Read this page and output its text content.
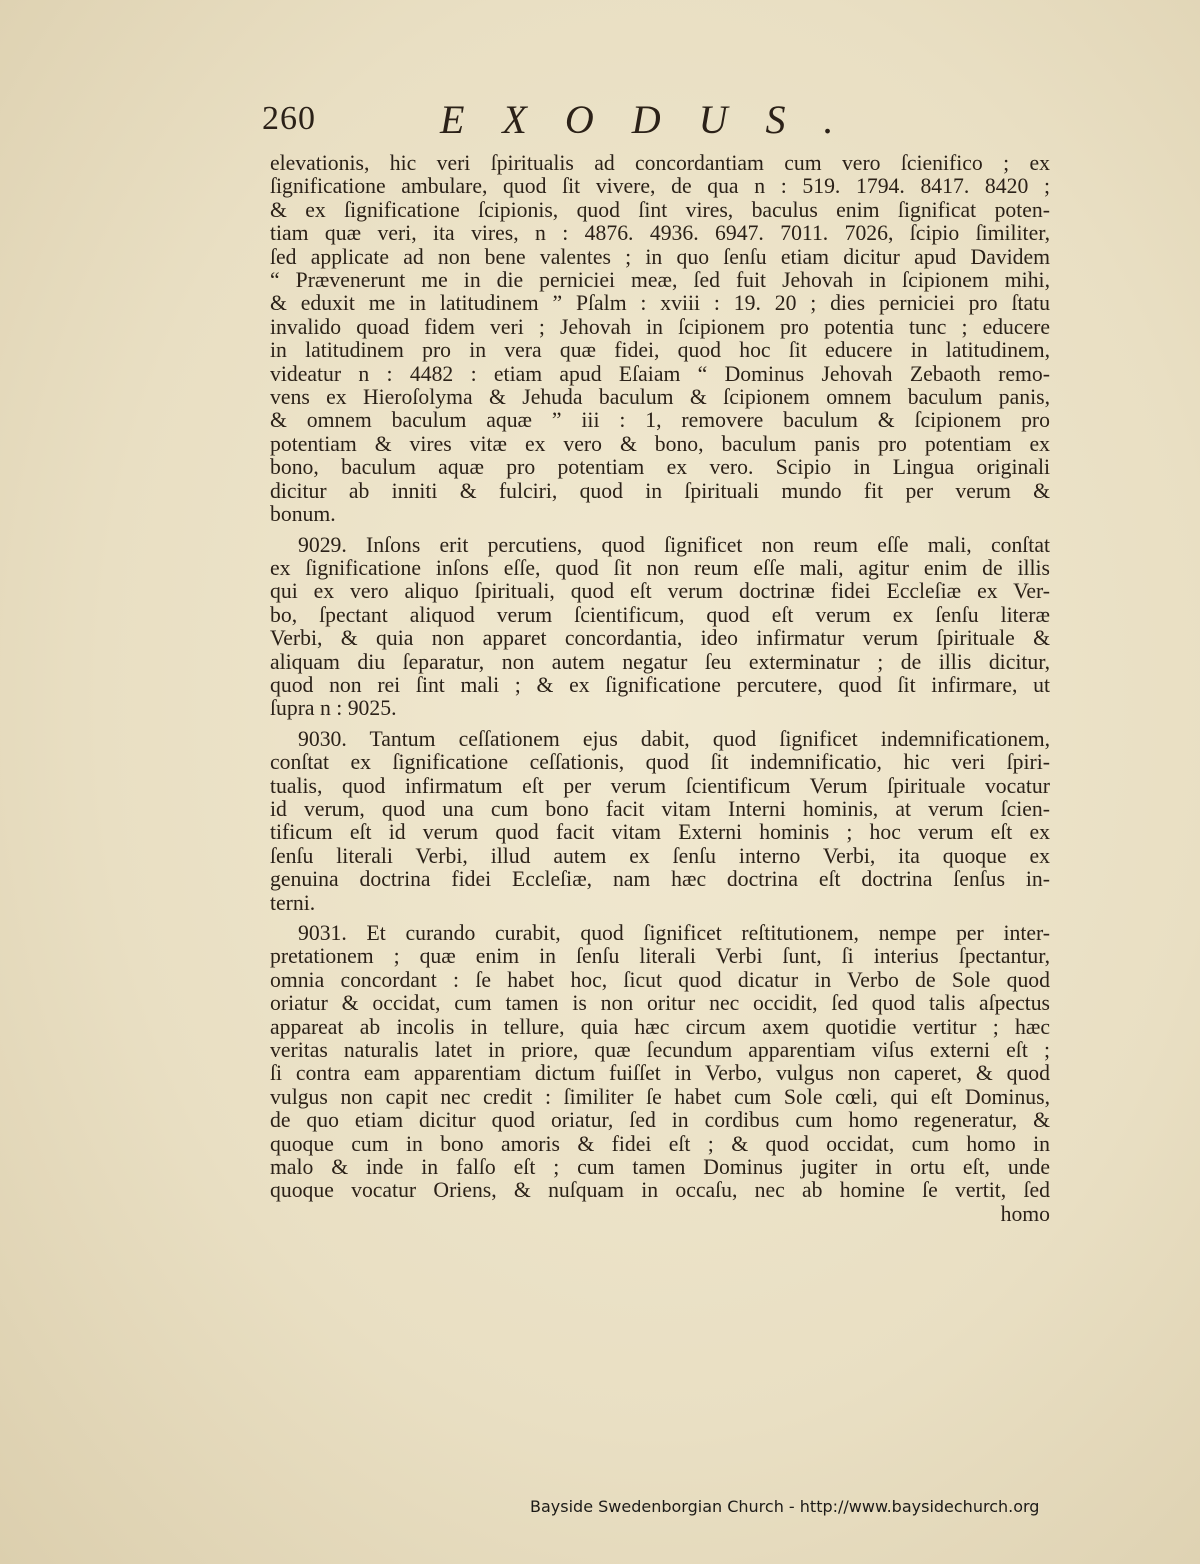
260	EXODUS.
elevationis, hic veri ſpiritualis ad concordantiam cum vero ſcienifico ; ex
ſignificatione ambulare, quod ſit vivere, de qua n : 519. 1794. 8417. 8420 ;
& ex ſignificatione ſcipionis, quod ſint vires, baculus enim ſignificat poten-
tiam quæ veri, ita vires, n : 4876. 4936. 6947. 7011. 7026, ſcipio ſimiliter,
ſed applicate ad non bene valentes ; in quo ſenſu etiam dicitur apud Davidem
“ Prævenerunt me in die perniciei meæ, ſed fuit Jehovah in ſcipionem mihi,
& eduxit me in latitudinem ” Pſalm : xviii : 19. 20 ; dies perniciei pro ſtatu
invalido quoad fidem veri ; Jehovah in ſcipionem pro potentia tunc ; educere
in latitudinem pro in vera quæ fidei, quod hoc ſit educere in latitudinem,
videatur n : 4482 : etiam apud Eſaiam “ Dominus Jehovah Zebaoth remo-
vens ex Hieroſolyma & Jehuda baculum & ſcipionem omnem baculum panis,
& omnem baculum aquæ ” iii : 1, removere baculum & ſcipionem pro
potentiam & vires vitæ ex vero & bono, baculum panis pro potentiam ex
bono, baculum aquæ pro potentiam ex vero. Scipio in Lingua originali
dicitur ab inniti & fulciri, quod in ſpirituali mundo fit per verum &
bonum.
9029. Inſons erit percutiens, quod ſignificet non reum eſſe mali, conſtat
ex ſignificatione inſons eſſe, quod ſit non reum eſſe mali, agitur enim de illis
qui ex vero aliquo ſpirituali, quod eſt verum doctrinæ fidei Eccleſiæ ex Ver-
bo, ſpectant aliquod verum ſcientificum, quod eſt verum ex ſenſu literæ
Verbi, & quia non apparet concordantia, ideo infirmatur verum ſpirituale &
aliquam diu ſeparatur, non autem negatur ſeu exterminatur ; de illis dicitur,
quod non rei ſint mali ; & ex ſignificatione percutere, quod ſit infirmare, ut
ſupra n : 9025.
9030. Tantum ceſſationem ejus dabit, quod ſignificet indemnificationem,
conſtat ex ſignificatione ceſſationis, quod ſit indemnificatio, hic veri ſpiri-
tualis, quod infirmatum eſt per verum ſcientificum Verum ſpirituale vocatur
id verum, quod una cum bono facit vitam Interni hominis, at verum ſcien-
tificum eſt id verum quod facit vitam Externi hominis ; hoc verum eſt ex
ſenſu literali Verbi, illud autem ex ſenſu interno Verbi, ita quoque ex
genuina doctrina fidei Eccleſiæ, nam hæc doctrina eſt doctrina ſenſus in-
terni.
9031. Et curando curabit, quod ſignificet reſtitutionem, nempe per inter-
pretationem ; quæ enim in ſenſu literali Verbi ſunt, ſi interius ſpectantur,
omnia concordant : ſe habet hoc, ſicut quod dicatur in Verbo de Sole quod
oriatur & occidat, cum tamen is non oritur nec occidit, ſed quod talis aſpectus
appareat ab incolis in tellure, quia hæc circum axem quotidie vertitur ; hæc
veritas naturalis latet in priore, quæ ſecundum apparentiam viſus externi eſt ;
ſi contra eam apparentiam dictum fuiſſet in Verbo, vulgus non caperet, & quod
vulgus non capit nec credit : ſimiliter ſe habet cum Sole cœli, qui eſt Dominus,
de quo etiam dicitur quod oriatur, ſed in cordibus cum homo regeneratur, &
quoque cum in bono amoris & fidei eſt ; & quod occidat, cum homo in
malo & inde in falſo eſt ; cum tamen Dominus jugiter in ortu eſt, unde
quoque vocatur Oriens, & nuſquam in occaſu, nec ab homine ſe vertit, ſed
homo
Bayside Swedenborgian Church - http://www.baysidechurch.org
